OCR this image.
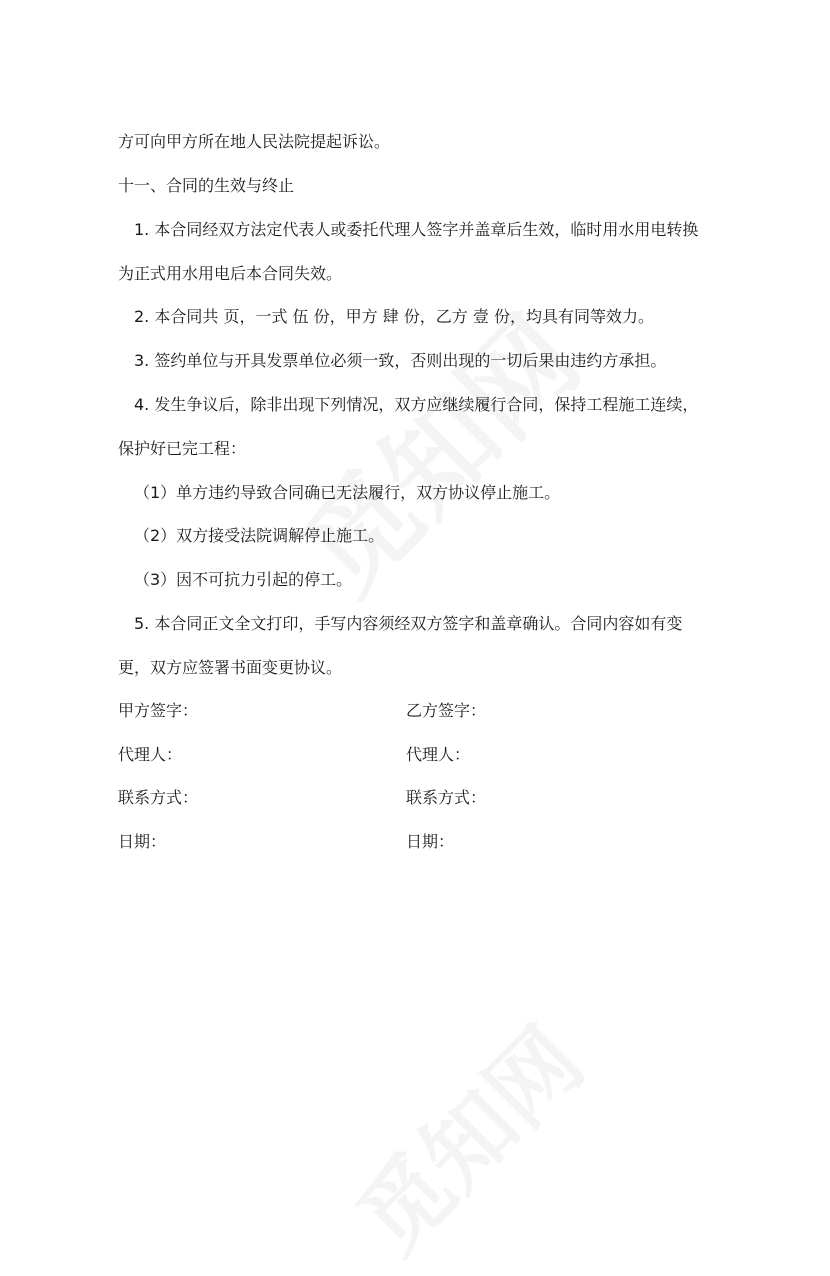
方可向甲方所在地人民法院提起诉讼。
十一、合同的生效与终止
1. 本合同经双方法定代表人或委托代理人签字并盖章后生效，临时用水用电转换
为正式用水用电后本合同失效。
2. 本合同共 页，一式 伍 份，甲方 肆 份，乙方 壹 份，均具有同等效力。
3. 签约单位与开具发票单位必须一致，否则出现的一切后果由违约方承担。
4. 发生争议后，除非出现下列情况，双方应继续履行合同，保持工程施工连续，
保护好已完工程：
（1）单方违约导致合同确已无法履行，双方协议停止施工。
（2）双方接受法院调解停止施工。
（3）因不可抗力引起的停工。
5. 本合同正文全文打印，手写内容须经双方签字和盖章确认。合同内容如有变
更，双方应签署书面变更协议。
甲方签字：	乙方签字：
代理人：	代理人：
联系方式：	联系方式：
日期：	日期：
